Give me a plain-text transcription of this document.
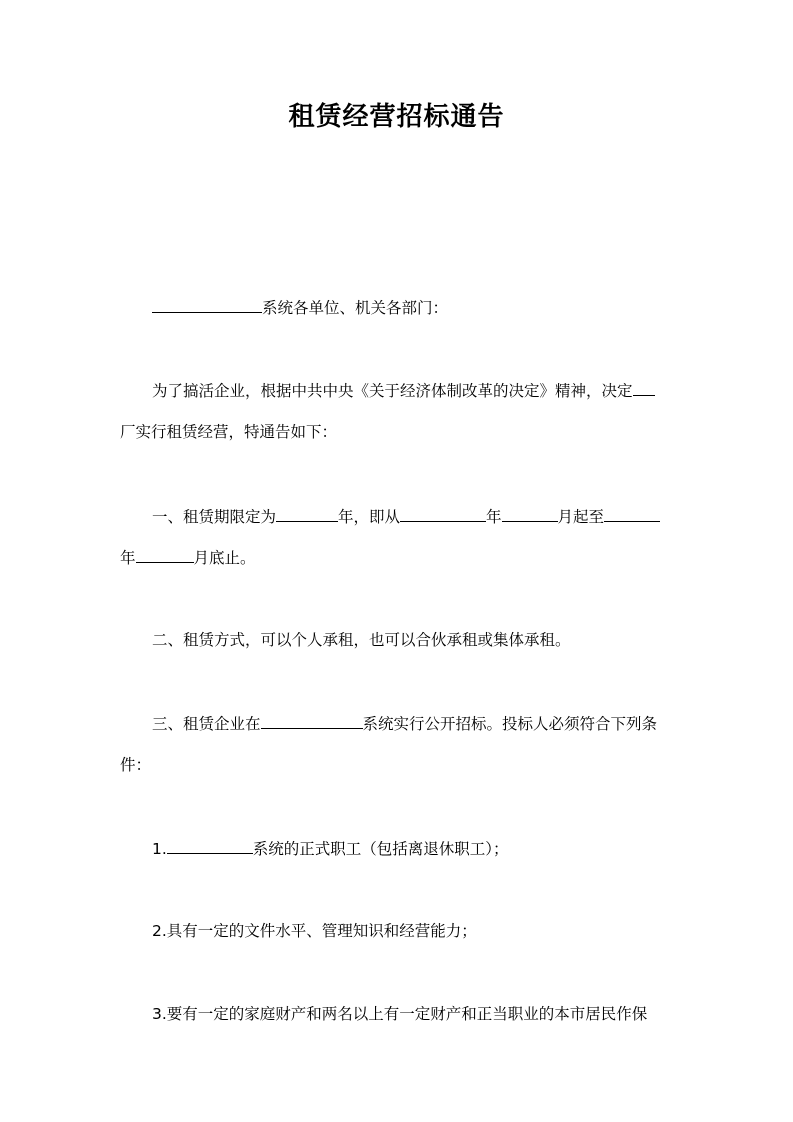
租赁经营招标通告
系统各单位、机关各部门：
为了搞活企业，根据中共中央《关于经济体制改革的决定》精神，决定
厂实行租赁经营，特通告如下：
一、租赁期限定为	年，即从	年	月起至
年	月底止。
二、租赁方式，可以个人承租，也可以合伙承租或集体承租。
三、租赁企业在	系统实行公开招标。投标人必须符合下列条
件：
1.	系统的正式职工（包括离退休职工）；
2.具有一定的文件水平、管理知识和经营能力；
3.要有一定的家庭财产和两名以上有一定财产和正当职业的本市居民作保
